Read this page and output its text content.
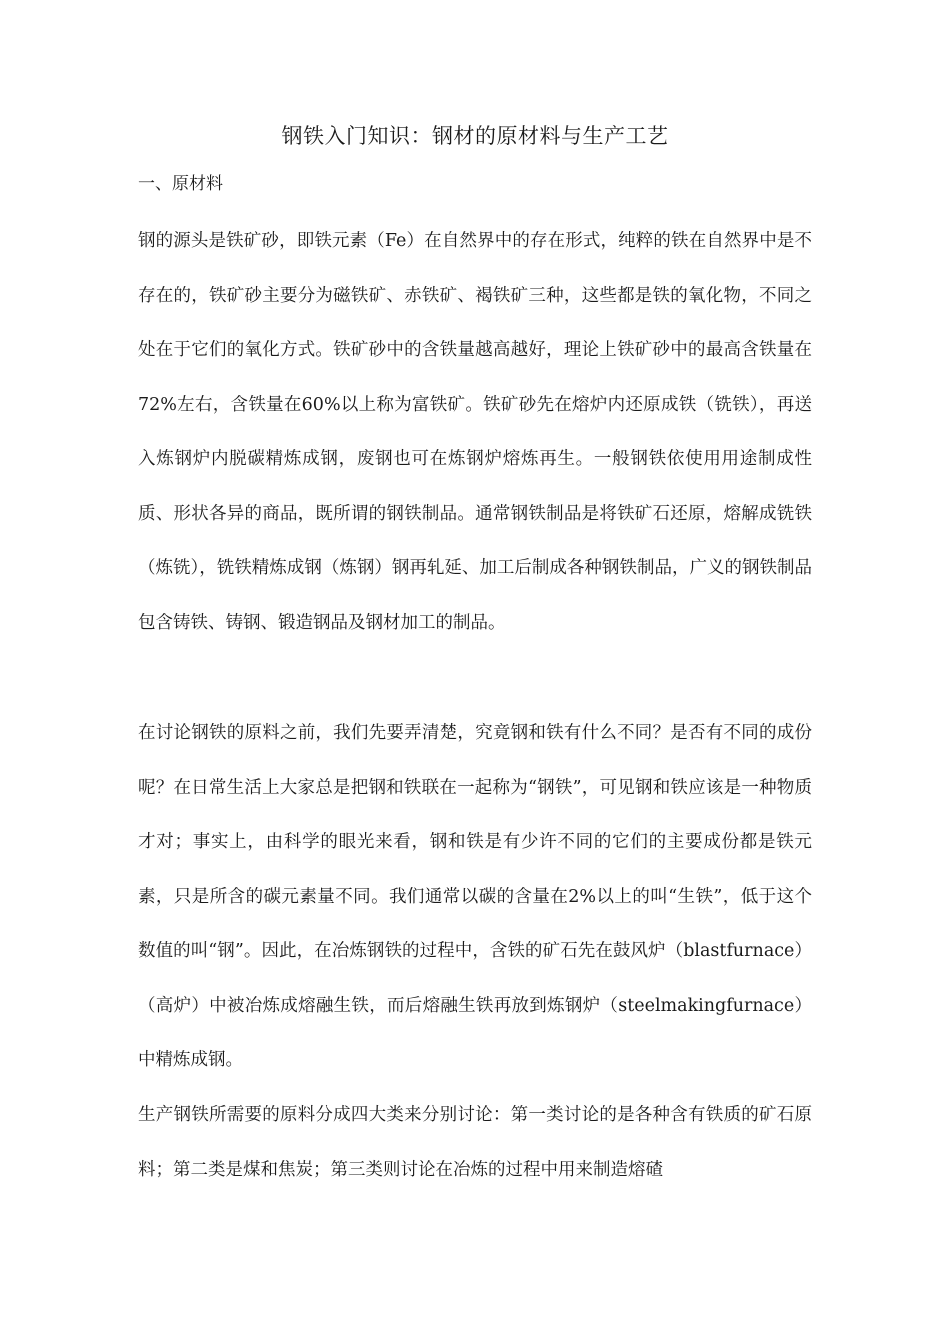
钢铁入门知识：钢材的原材料与生产工艺
一、原材料

钢的源头是铁矿砂，即铁元素（Fe）在自然界中的存在形式，纯粹的铁在自然界中是不存在的，铁矿砂主要分为磁铁矿、赤铁矿、褐铁矿三种，这些都是铁的氧化物，不同之处在于它们的氧化方式。铁矿砂中的含铁量越高越好，理论上铁矿砂中的最高含铁量在72%左右，含铁量在60%以上称为富铁矿。铁矿砂先在熔炉内还原成铁（铣铁），再送入炼钢炉内脱碳精炼成钢，废钢也可在炼钢炉熔炼再生。一般钢铁依使用用途制成性质、形状各异的商品，既所谓的钢铁制品。通常钢铁制品是将铁矿石还原，熔解成铣铁（炼铣），铣铁精炼成钢（炼钢）钢再轧延、加工后制成各种钢铁制品，广义的钢铁制品包含铸铁、铸钢、锻造钢品及钢材加工的制品。

在讨论钢铁的原料之前，我们先要弄清楚，究竟钢和铁有什么不同？是否有不同的成份呢？在日常生活上大家总是把钢和铁联在一起称为“钢铁”，可见钢和铁应该是一种物质才对；事实上，由科学的眼光来看，钢和铁是有少许不同的它们的主要成份都是铁元素，只是所含的碳元素量不同。我们通常以碳的含量在2%以上的叫“生铁”，低于这个数值的叫“钢”。因此，在冶炼钢铁的过程中，含铁的矿石先在鼓风炉（blastfurnace）（高炉）中被冶炼成熔融生铁，而后熔融生铁再放到炼钢炉（steelmakingfurnace）中精炼成钢。

生产钢铁所需要的原料分成四大类来分别讨论：第一类讨论的是各种含有铁质的矿石原料；第二类是煤和焦炭；第三类则讨论在冶炼的过程中用来制造熔碴
